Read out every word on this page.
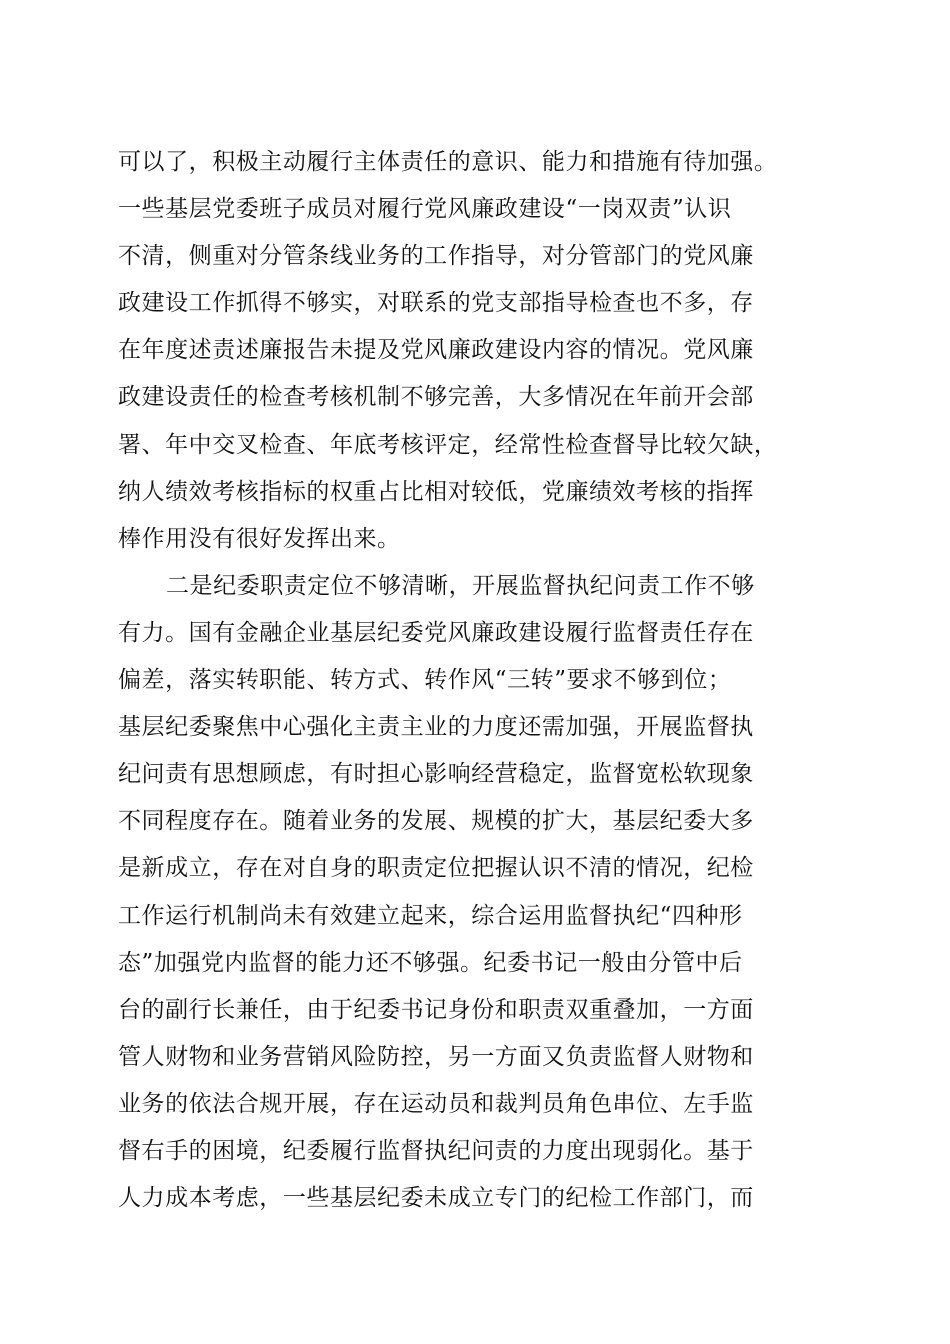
可以了，积极主动履行主体责任的意识、能力和措施有待加强。
一些基层党委班子成员对履行党风廉政建设“一岗双责”认识
不清，侧重对分管条线业务的工作指导，对分管部门的党风廉
政建设工作抓得不够实，对联系的党支部指导检查也不多，存
在年度述责述廉报告未提及党风廉政建设内容的情况。党风廉
政建设责任的检查考核机制不够完善，大多情况在年前开会部
署、年中交叉检查、年底考核评定，经常性检查督导比较欠缺，
纳人绩效考核指标的权重占比相对较低，党廉绩效考核的指挥
棒作用没有很好发挥出来。
二是纪委职责定位不够清晰，开展监督执纪问责工作不够
有力。国有金融企业基层纪委党风廉政建设履行监督责任存在
偏差，落实转职能、转方式、转作风“三转”要求不够到位；
基层纪委聚焦中心强化主责主业的力度还需加强，开展监督执
纪问责有思想顾虑，有时担心影响经营稳定，监督宽松软现象
不同程度存在。随着业务的发展、规模的扩大，基层纪委大多
是新成立，存在对自身的职责定位把握认识不清的情况，纪检
工作运行机制尚未有效建立起来，综合运用监督执纪“四种形
态”加强党内监督的能力还不够强。纪委书记一般由分管中后
台的副行长兼任，由于纪委书记身份和职责双重叠加，一方面
管人财物和业务营销风险防控，另一方面又负责监督人财物和
业务的依法合规开展，存在运动员和裁判员角色串位、左手监
督右手的困境，纪委履行监督执纪问责的力度出现弱化。基于
人力成本考虑，一些基层纪委未成立专门的纪检工作部门，而
